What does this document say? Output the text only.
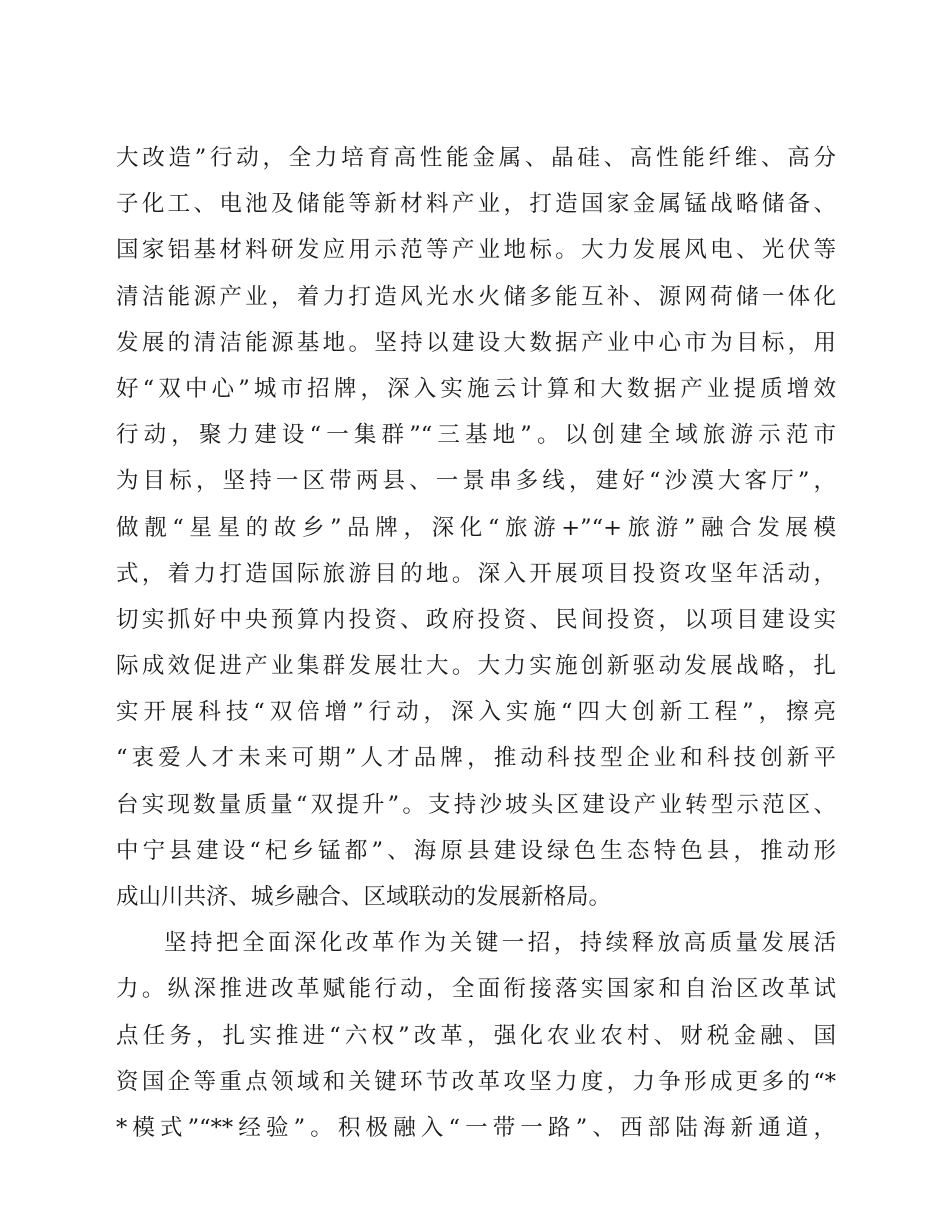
大改造”行动，全力培育高性能金属、晶硅、高性能纤维、高分
子化工、电池及储能等新材料产业，打造国家金属锰战略储备、
国家铝基材料研发应用示范等产业地标。大力发展风电、光伏等
清洁能源产业，着力打造风光水火储多能互补、源网荷储一体化
发展的清洁能源基地。坚持以建设大数据产业中心市为目标，用
好“双中心”城市招牌，深入实施云计算和大数据产业提质增效
行动，聚力建设“一集群”“三基地”。以创建全域旅游示范市
为目标，坚持一区带两县、一景串多线，建好“沙漠大客厅”，
做靓“星星的故乡”品牌，深化“旅游+”“+旅游”融合发展模
式，着力打造国际旅游目的地。深入开展项目投资攻坚年活动，
切实抓好中央预算内投资、政府投资、民间投资，以项目建设实
际成效促进产业集群发展壮大。大力实施创新驱动发展战略，扎
实开展科技“双倍增”行动，深入实施“四大创新工程”，擦亮
“衷爱人才未来可期”人才品牌，推动科技型企业和科技创新平
台实现数量质量“双提升”。支持沙坡头区建设产业转型示范区、
中宁县建设“杞乡锰都”、海原县建设绿色生态特色县，推动形
成山川共济、城乡融合、区域联动的发展新格局。
坚持把全面深化改革作为关键一招，持续释放高质量发展活
力。纵深推进改革赋能行动，全面衔接落实国家和自治区改革试
点任务，扎实推进“六权”改革，强化农业农村、财税金融、国
资国企等重点领域和关键环节改革攻坚力度，力争形成更多的“*
*模式”“**经验”。积极融入“一带一路”、西部陆海新通道，
